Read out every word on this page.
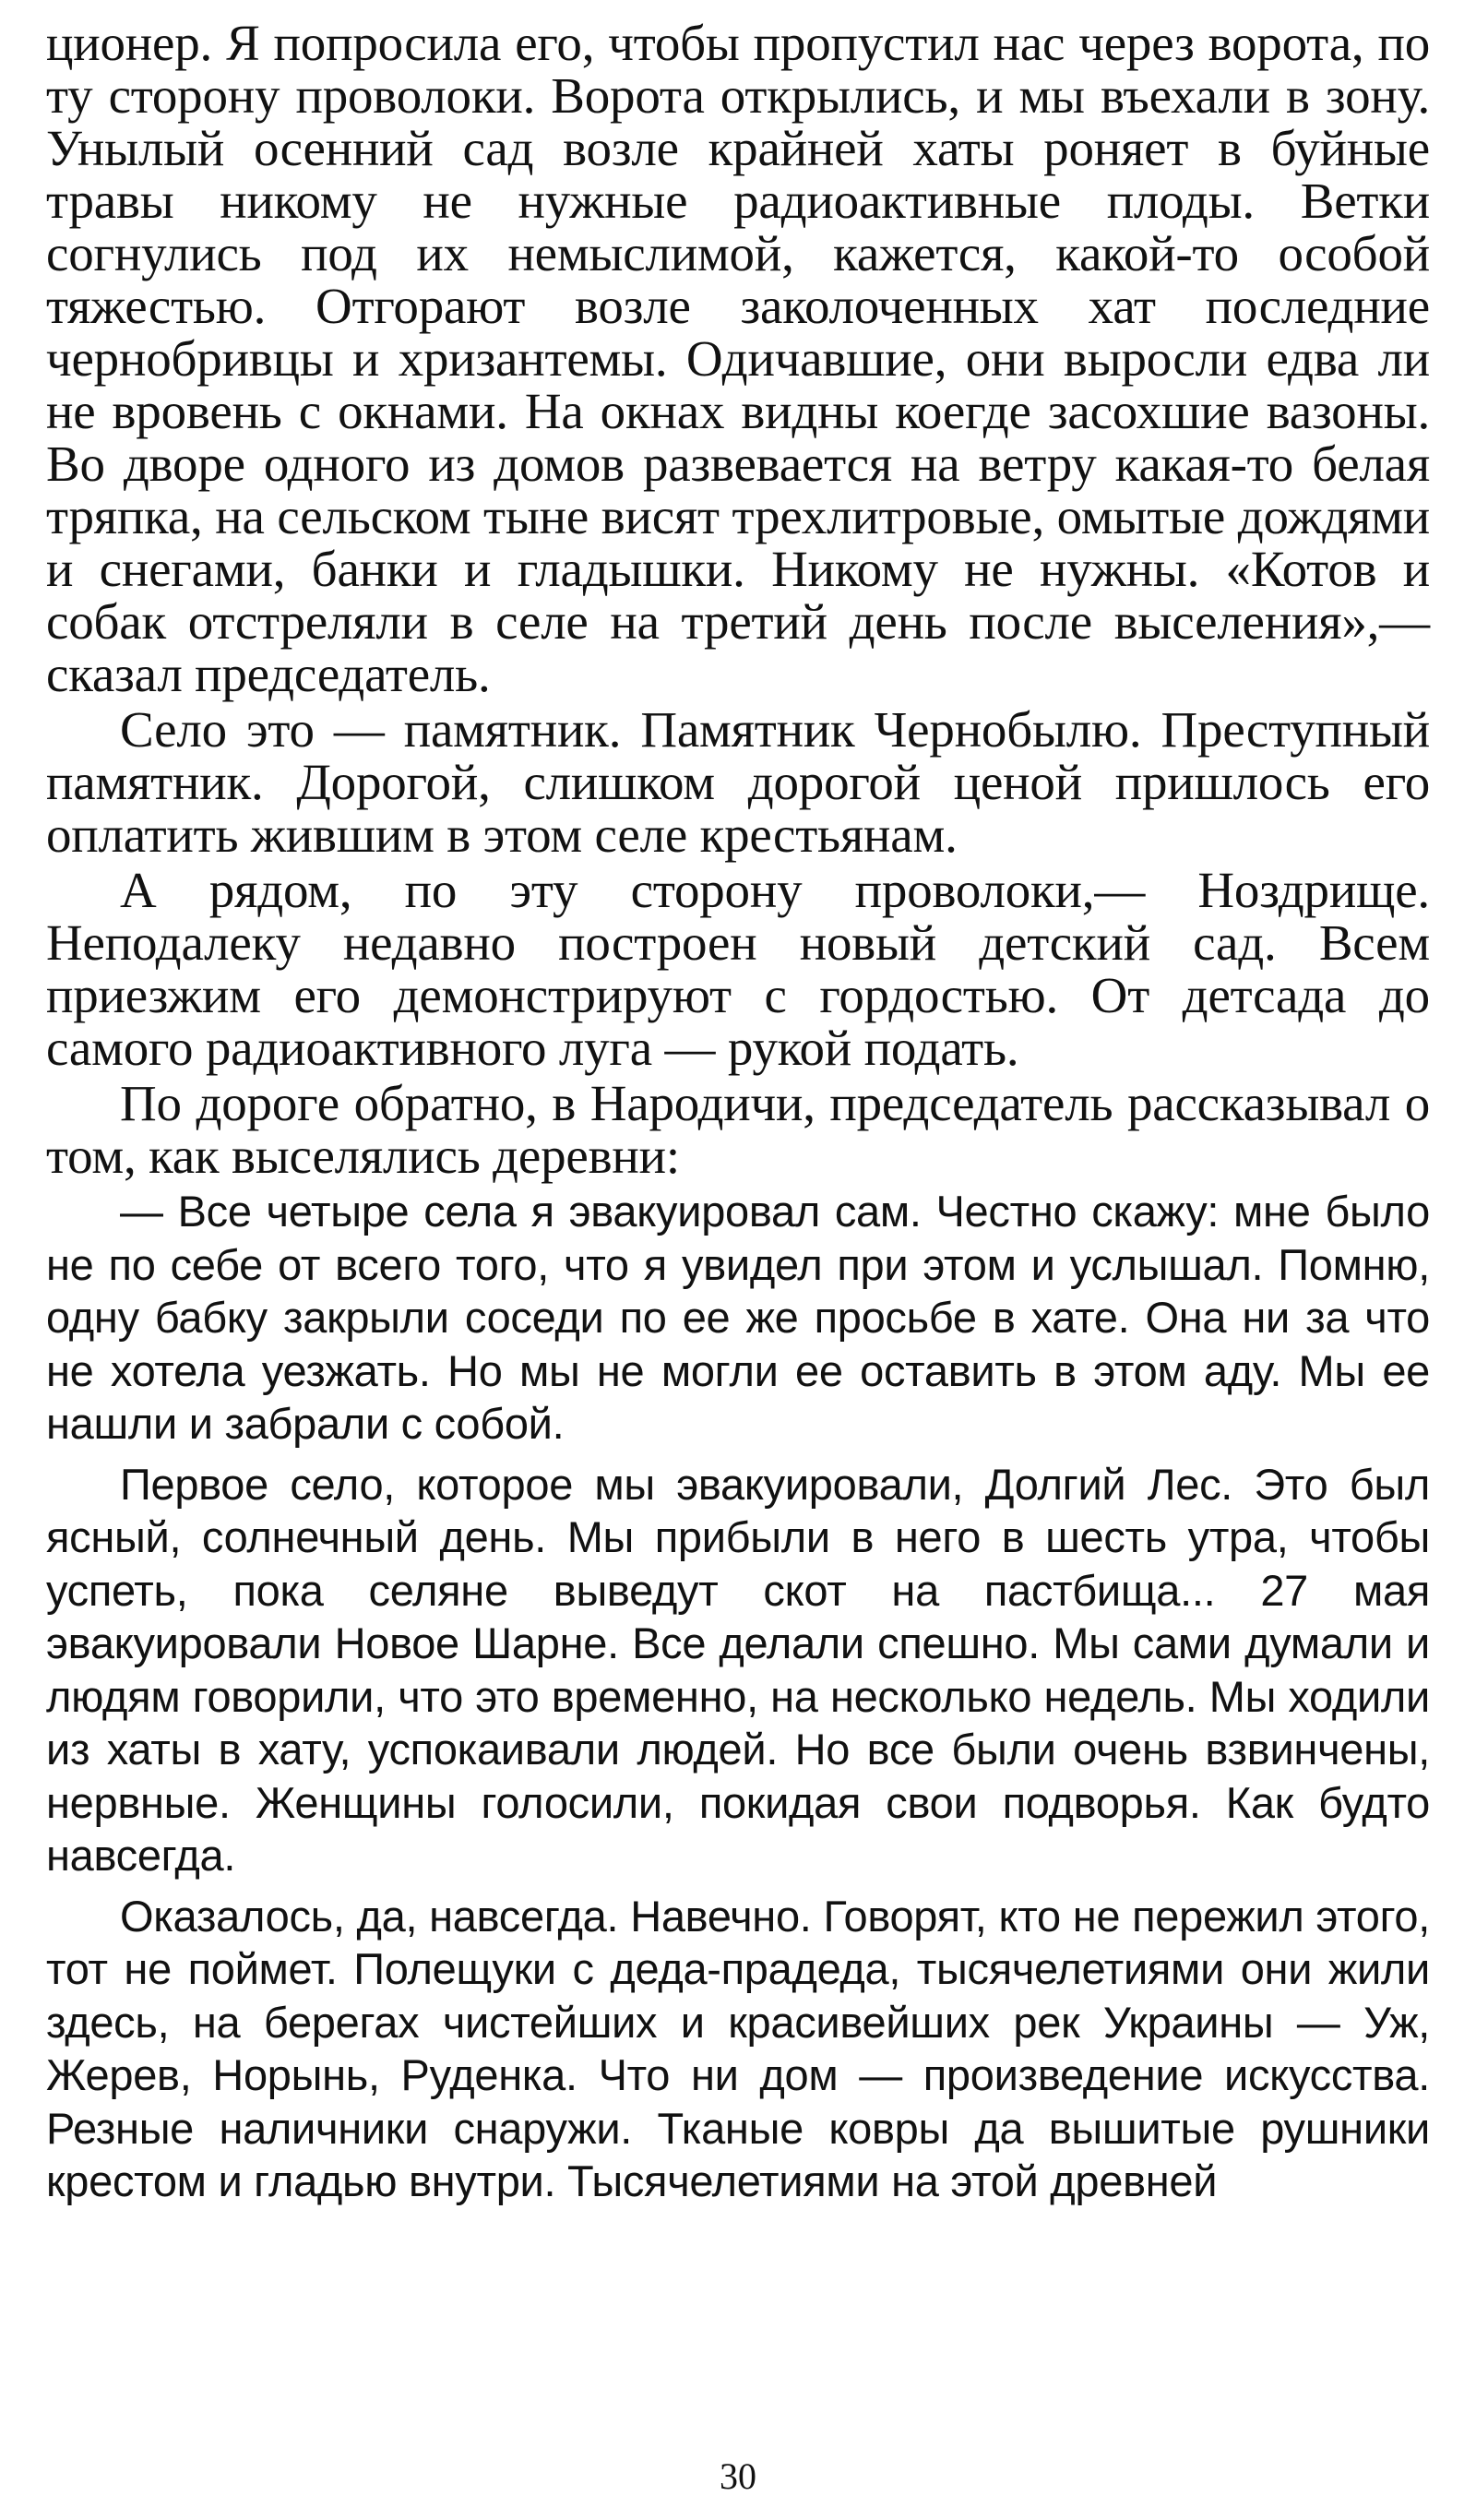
ционер. Я попросила его, чтобы пропустил нас через ворота, по ту сторону проволоки. Ворота открылись, и мы въехали в зону. Унылый осенний сад возле крайней хаты роняет в буйные травы никому не нужные радиоактивные плоды. Ветки согнулись под их немыслимой, кажется, какой-то особой тяжестью. Отгорают возле заколоченных хат последние чернобривцы и хризантемы. Одичавшие, они выросли едва ли не вровень с окнами. На окнах видны коегде засохшие вазоны. Во дворе одного из домов развевается на ветру какая-то белая тряпка, на сельском тыне висят трехлитровые, омытые дождями и снегами, банки и гладышки. Никому не нужны. «Котов и собак отстреляли в селе на третий день после выселения»,— сказал председатель.

Село это — памятник. Памятник Чернобылю. Преступный памятник. Дорогой, слишком дорогой ценой пришлось его оплатить жившим в этом селе крестьянам.

А рядом, по эту сторону проволоки,— Ноздрище. Неподалеку недавно построен новый детский сад. Всем приезжим его демонстрируют с гордостью. От детсада до самого радиоактивного луга — рукой подать.

По дороге обратно, в Народичи, председатель рассказывал о том, как выселялись деревни:

— Все четыре села я эвакуировал сам. Честно скажу: мне было не по себе от всего того, что я увидел при этом и услышал. Помню, одну бабку закрыли соседи по ее же просьбе в хате. Она ни за что не хотела уезжать. Но мы не могли ее оставить в этом аду. Мы ее нашли и забрали с собой.

Первое село, которое мы эвакуировали, Долгий Лес. Это был ясный, солнечный день. Мы прибыли в него в шесть утра, чтобы успеть, пока селяне выведут скот на пастбища... 27 мая эвакуировали Новое Шарне. Все делали спешно. Мы сами думали и людям говорили, что это временно, на несколько недель. Мы ходили из хаты в хату, успокаивали людей. Но все были очень взвинчены, нервные. Женщины голосили, покидая свои подворья. Как будто навсегда.

Оказалось, да, навсегда. Навечно. Говорят, кто не пережил этого, тот не поймет. Полещуки с деда-прадеда, тысячелетиями они жили здесь, на берегах чистейших и красивейших рек Украины — Уж, Жерев, Норынь, Руденка. Что ни дом — произведение искусства. Резные наличники снаружи. Тканые ковры да вышитые рушники крестом и гладью внутри. Тысячелетиями на этой древней

30
